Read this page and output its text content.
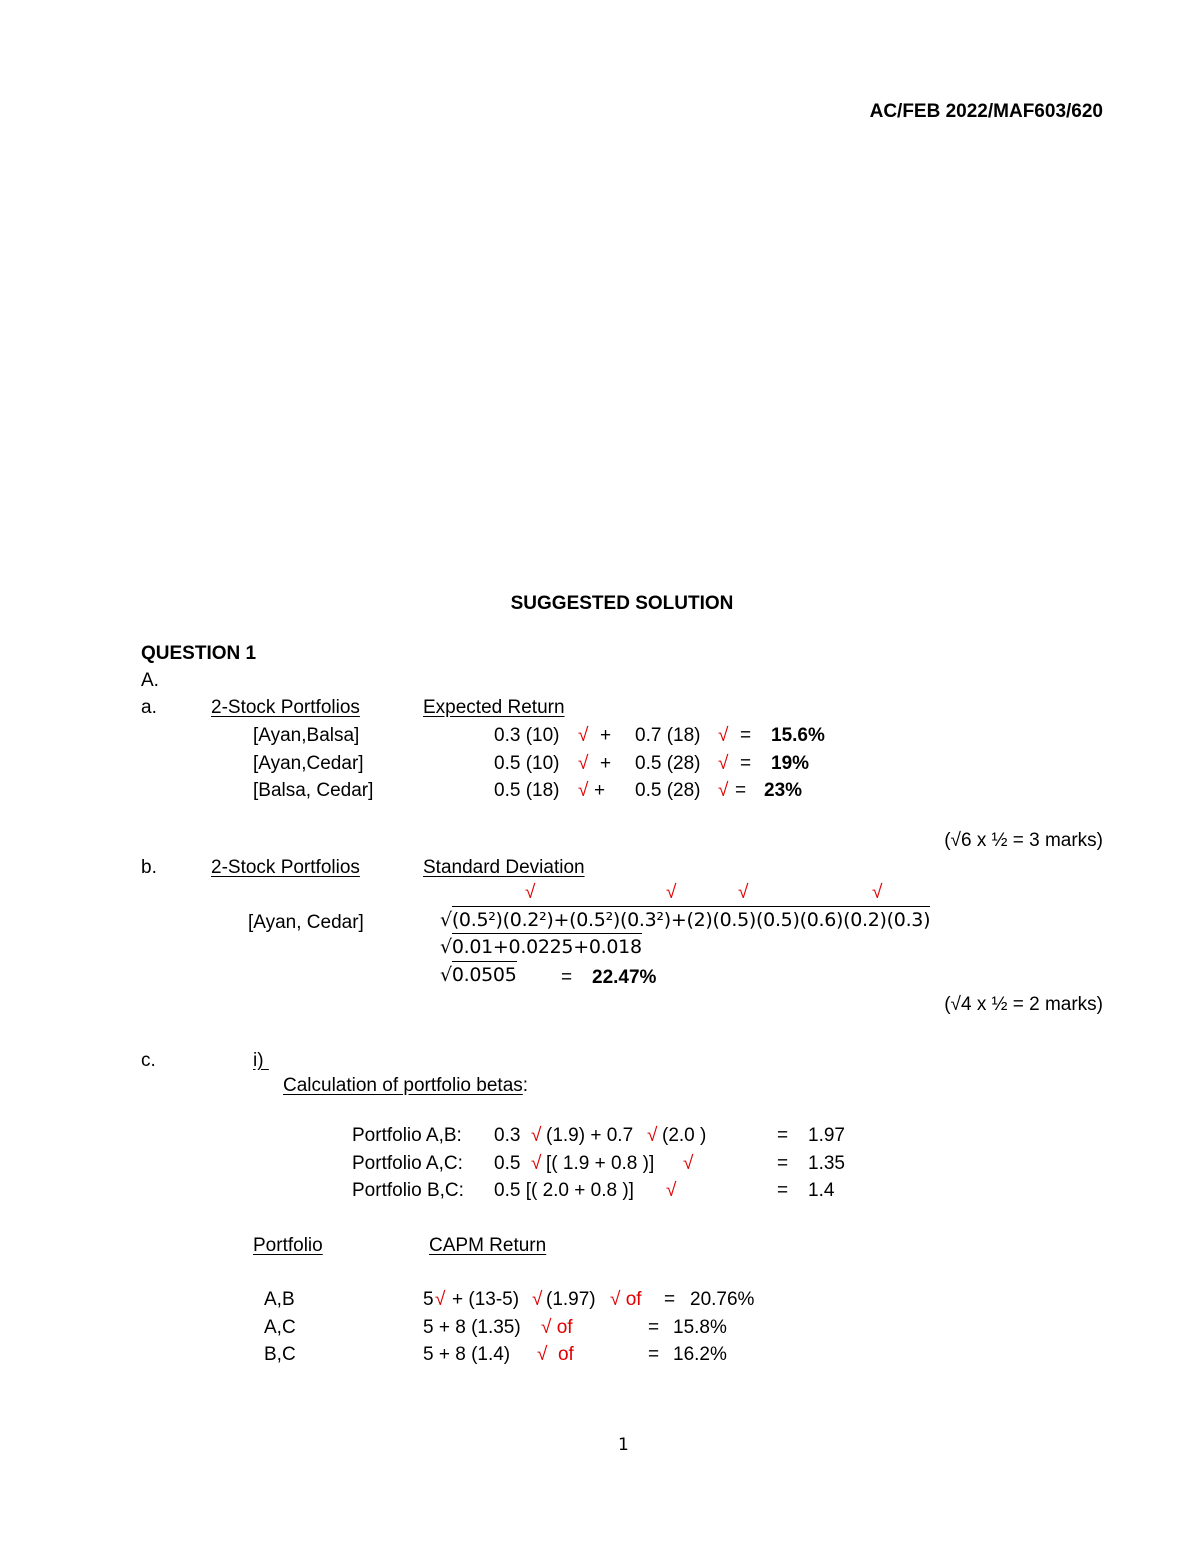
AC/FEB 2022/MAF603/620
SUGGESTED SOLUTION
QUESTION 1
A.
a.	2-Stock Portfolios	Expected Return
[Ayan,Balsa]	0.3 (10) √ + 0.7 (18) √ = 15.6%
[Ayan,Cedar]	0.5 (10) √ + 0.5 (28) √ = 19%
[Balsa, Cedar]	0.5 (18) √ + 0.5 (28) √ = 23%
(√6 x ½ = 3 marks)
b.	2-Stock Portfolios	Standard Deviation
√	√	√	√
[Ayan, Cedar]	√(0.5²)(0.2²)+(0.5²)(0.3²)+(2)(0.5)(0.5)(0.6)(0.2)(0.3)
√0.01+0.0225+0.018
√0.0505 = 22.47%
(√4 x ½ = 2 marks)
c.	i)
Calculation of portfolio betas:
Portfolio A,B: 0.3 √ (1.9) + 0.7 √ (2.0 )	= 1.97
Portfolio A,C: 0.5 √ [( 1.9 + 0.8 )] √	= 1.35
Portfolio B,C: 0.5 [( 2.0 + 0.8 )] √	= 1.4
Portfolio	CAPM Return
A,B	5 √ + (13-5) √ (1.97) √ of = 20.76%
A,C	5 + 8 (1.35) √ of	= 15.8%
B,C	5 + 8 (1.4) √  of	= 16.2%
1
